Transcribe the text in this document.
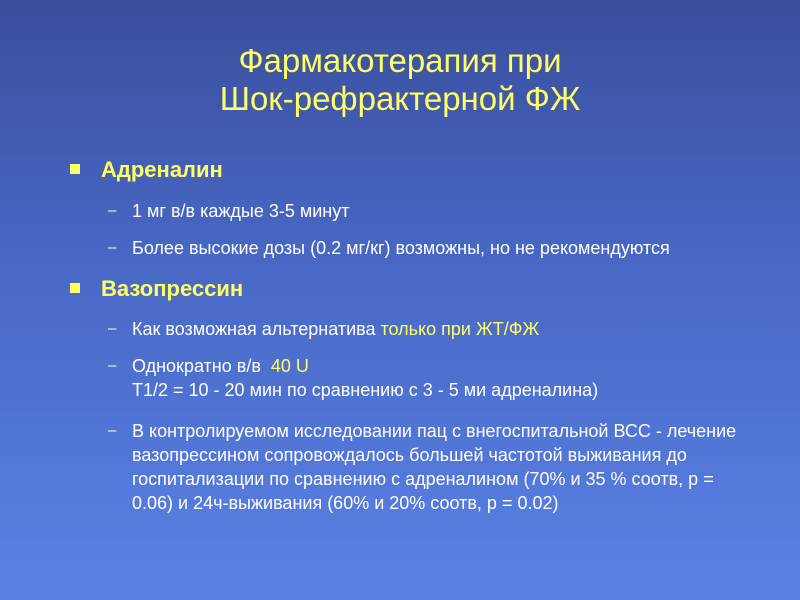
Фармакотерапия при
Шок-рефрактерной ФЖ
Адреналин
– 1 мг в/в каждые 3-5 минут
– Более высокие дозы (0.2 мг/кг) возможны, но не рекомендуются
Вазопрессин
– Как возможная альтернатива только при ЖТ/ФЖ
– Однократно в/в  40 U
T1/2 = 10 - 20 мин по сравнению с 3 - 5 ми адреналина)
– В контролируемом исследовании пац с внегоспитальной ВСС - лечение вазопрессином сопровождалось большей частотой выживания до госпитализации по сравнению с адреналином (70% и 35 % соотв, p = 0.06) и 24ч-выживания (60% и 20% соотв, p = 0.02)
